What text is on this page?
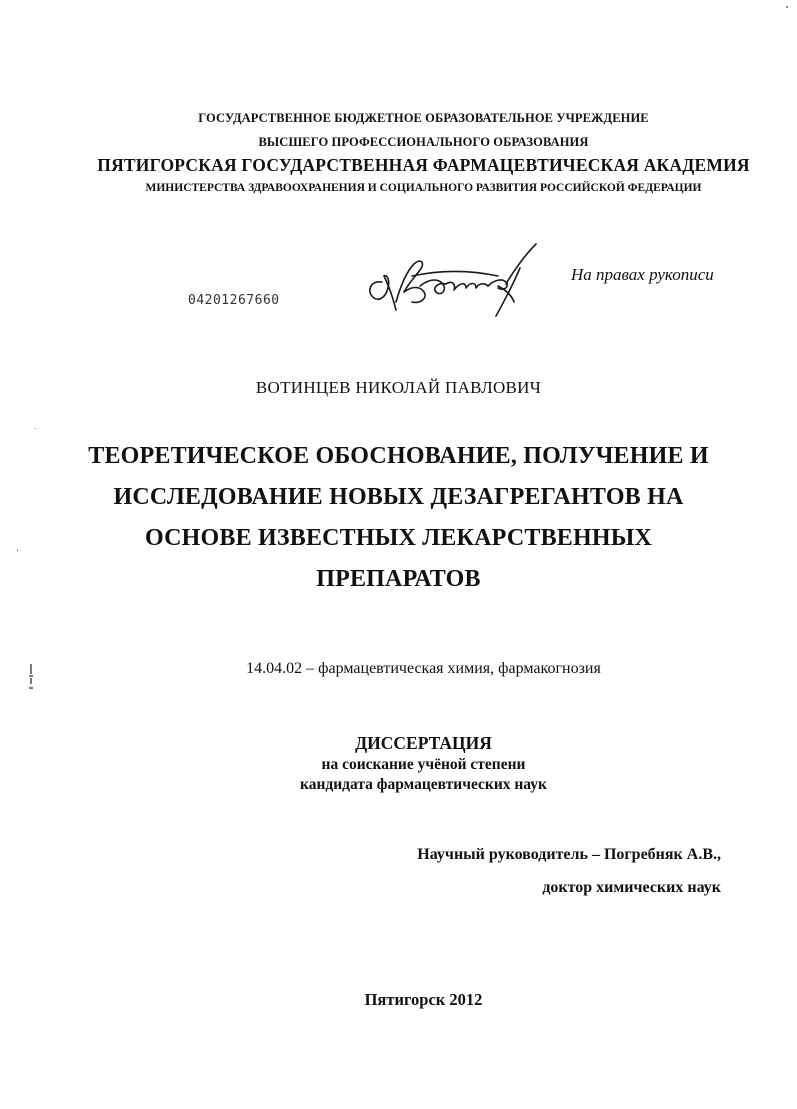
ГОСУДАРСТВЕННОЕ БЮДЖЕТНОЕ ОБРАЗОВАТЕЛЬНОЕ УЧРЕЖДЕНИЕ
ВЫСШЕГО ПРОФЕССИОНАЛЬНОГО ОБРАЗОВАНИЯ
ПЯТИГОРСКАЯ ГОСУДАРСТВЕННАЯ ФАРМАЦЕВТИЧЕСКАЯ АКАДЕМИЯ
МИНИСТЕРСТВА ЗДРАВООХРАНЕНИЯ И СОЦИАЛЬНОГО РАЗВИТИЯ РОССИЙСКОЙ ФЕДЕРАЦИИ
04201267660
На правах рукописи
ВОТИНЦЕВ НИКОЛАЙ ПАВЛОВИЧ
ТЕОРЕТИЧЕСКОЕ ОБОСНОВАНИЕ, ПОЛУЧЕНИЕ И
ИССЛЕДОВАНИЕ НОВЫХ ДЕЗАГРЕГАНТОВ НА
ОСНОВЕ ИЗВЕСТНЫХ ЛЕКАРСТВЕННЫХ
ПРЕПАРАТОВ
14.04.02 – фармацевтическая химия, фармакогнозия
ДИССЕРТАЦИЯ
на соискание учёной степени
кандидата фармацевтических наук
Научный руководитель – Погребняк А.В.,
доктор химических наук
Пятигорск 2012
